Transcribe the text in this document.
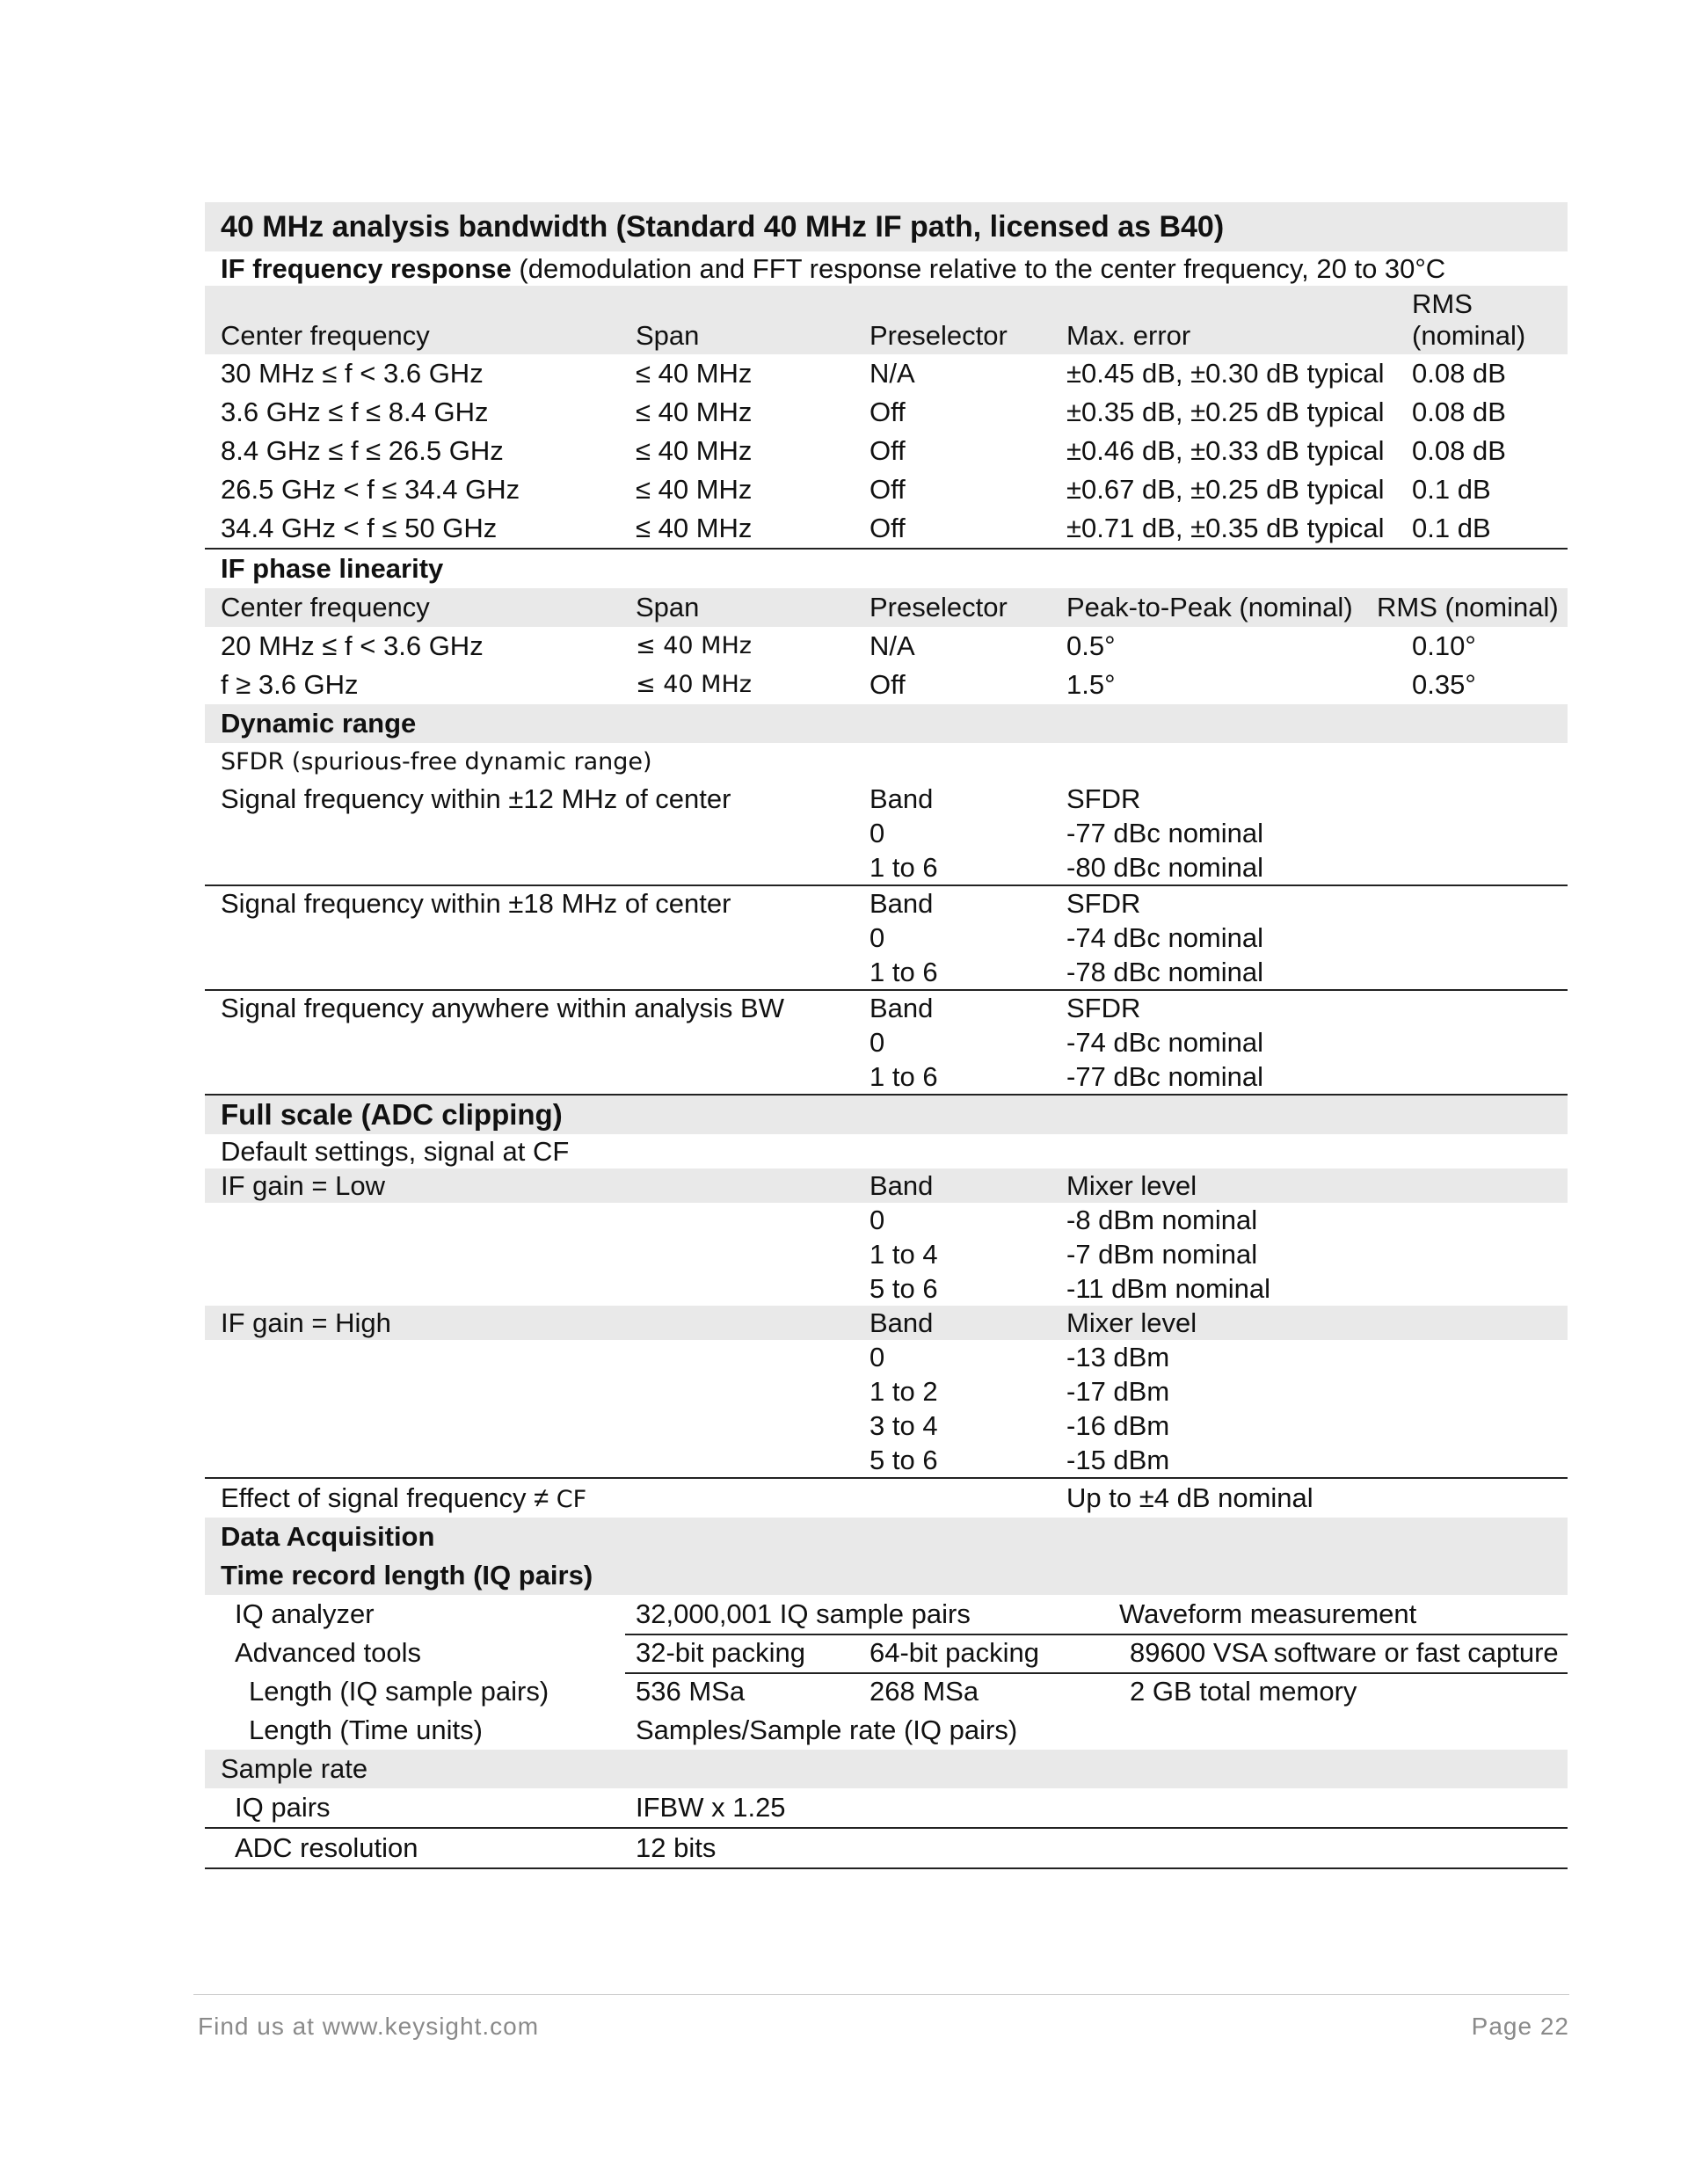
40 MHz analysis bandwidth (Standard 40 MHz IF path, licensed as B40)
IF frequency response (demodulation and FFT response relative to the center frequency, 20 to 30°C
Center frequency	Span	Preselector Max. error
RMS
(nominal)
30 MHz ≤ f < 3.6 GHz	≤ 40 MHz	N/A	±0.45 dB, ±0.30 dB typical 0.08 dB
3.6 GHz ≤ f ≤ 8.4 GHz	≤ 40 MHz	Off	±0.35 dB, ±0.25 dB typical 0.08 dB
8.4 GHz ≤ f ≤ 26.5 GHz	≤ 40 MHz	Off	±0.46 dB, ±0.33 dB typical 0.08 dB
26.5 GHz < f ≤ 34.4 GHz	≤ 40 MHz	Off	±0.67 dB, ±0.25 dB typical 0.1 dB
34.4 GHz < f ≤ 50 GHz	≤ 40 MHz	Off	±0.71 dB, ±0.35 dB typical 0.1 dB
IF phase linearity
Center frequency	Span	Preselector Peak-to-Peak (nominal) RMS (nominal)
20 MHz ≤ f < 3.6 GHz	≤ 40 MHz	N/A	0.5°	0.10°
f ≥ 3.6 GHz	≤ 40 MHz	Off	1.5°	0.35°
Dynamic range
SFDR (spurious-free dynamic range)
Signal frequency within ±12 MHz of center	Band	SFDR
0	-77 dBc nominal
1 to 6	-80 dBc nominal
Signal frequency within ±18 MHz of center	Band	SFDR
0	-74 dBc nominal
1 to 6	-78 dBc nominal
Signal frequency anywhere within analysis BW	Band	SFDR
0	-74 dBc nominal
1 to 6	-77 dBc nominal
Full scale (ADC clipping)
Default settings, signal at CF
IF gain = Low	Band	Mixer level
0	-8 dBm nominal
1 to 4	-7 dBm nominal
5 to 6	-11 dBm nominal
IF gain = High	Band	Mixer level
0	-13 dBm
1 to 2	-17 dBm
3 to 4	-16 dBm
5 to 6	-15 dBm
Effect of signal frequency ≠ CF	Up to ±4 dB nominal
Data Acquisition
Time record length (IQ pairs)
IQ analyzer	32,000,001 IQ sample pairs	Waveform measurement
Advanced tools	32-bit packing 64-bit packing	89600 VSA software or fast capture
Length (IQ sample pairs)	536 MSa	268 MSa	2 GB total memory
Length (Time units)	Samples/Sample rate (IQ pairs)
Sample rate
IQ pairs	IFBW x 1.25
ADC resolution	12 bits
Find us at www.keysight.com	Page 22
